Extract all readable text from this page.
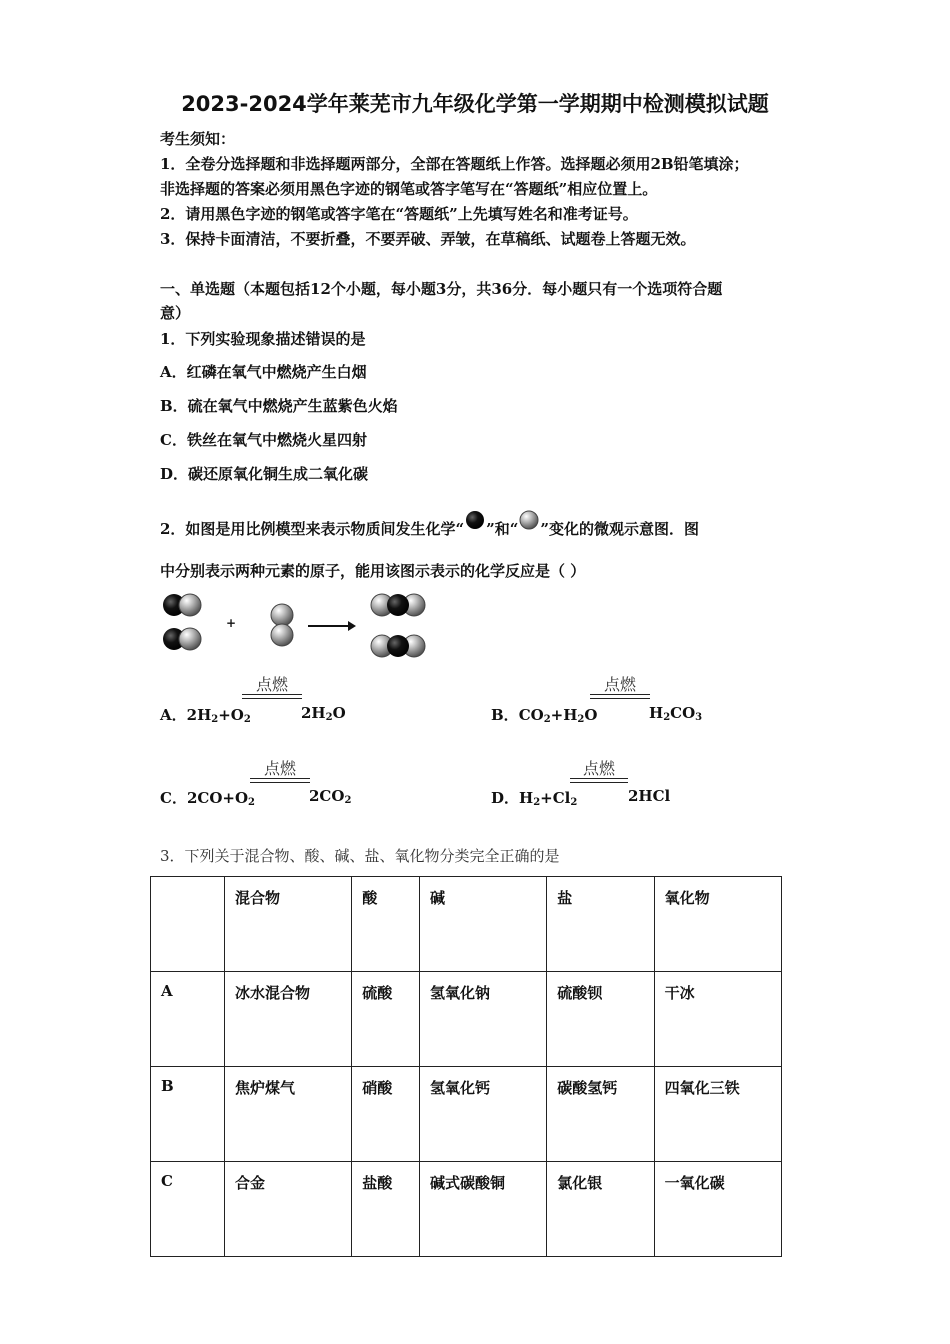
2023-2024学年莱芜市九年级化学第一学期期中检测模拟试题
考生须知：
1．全卷分选择题和非选择题两部分，全部在答题纸上作答。选择题必须用2B铅笔填涂；
非选择题的答案必须用黑色字迹的钢笔或答字笔写在“答题纸”相应位置上。
2．请用黑色字迹的钢笔或答字笔在“答题纸”上先填写姓名和准考证号。
3．保持卡面清洁，不要折叠，不要弄破、弄皱，在草稿纸、试题卷上答题无效。
一、单选题（本题包括12个小题，每小题3分，共36分．每小题只有一个选项符合题
意）
1．下列实验现象描述错误的是
A．红磷在氧气中燃烧产生白烟
B．硫在氧气中燃烧产生蓝紫色火焰
C．铁丝在氧气中燃烧火星四射
D．碳还原氧化铜生成二氧化碳
2．如图是用比例模型来表示物质间发生化学“ ”和“ ”变化的微观示意图．图
中分别表示两种元素的原子，能用该图示表示的化学反应是（ ）
+
点燃
A．$2H_2+O_2$	$2H_2O$
点燃
B．$CO_2+H_2O$	$H_2CO_3$
点燃
C．$2CO+O_2$	$2CO_2$
点燃
D．$H_2+Cl_2$	2HCl
3．下列关于混合物、酸、碱、盐、氧化物分类完全正确的是
	混合物	酸	碱	盐	氧化物
A	冰水混合物	硫酸	氢氧化钠	硫酸钡	干冰
B	焦炉煤气	硝酸	氢氧化钙	碳酸氢钙	四氧化三铁
C	合金	盐酸	碱式碳酸铜	氯化银	一氧化碳
